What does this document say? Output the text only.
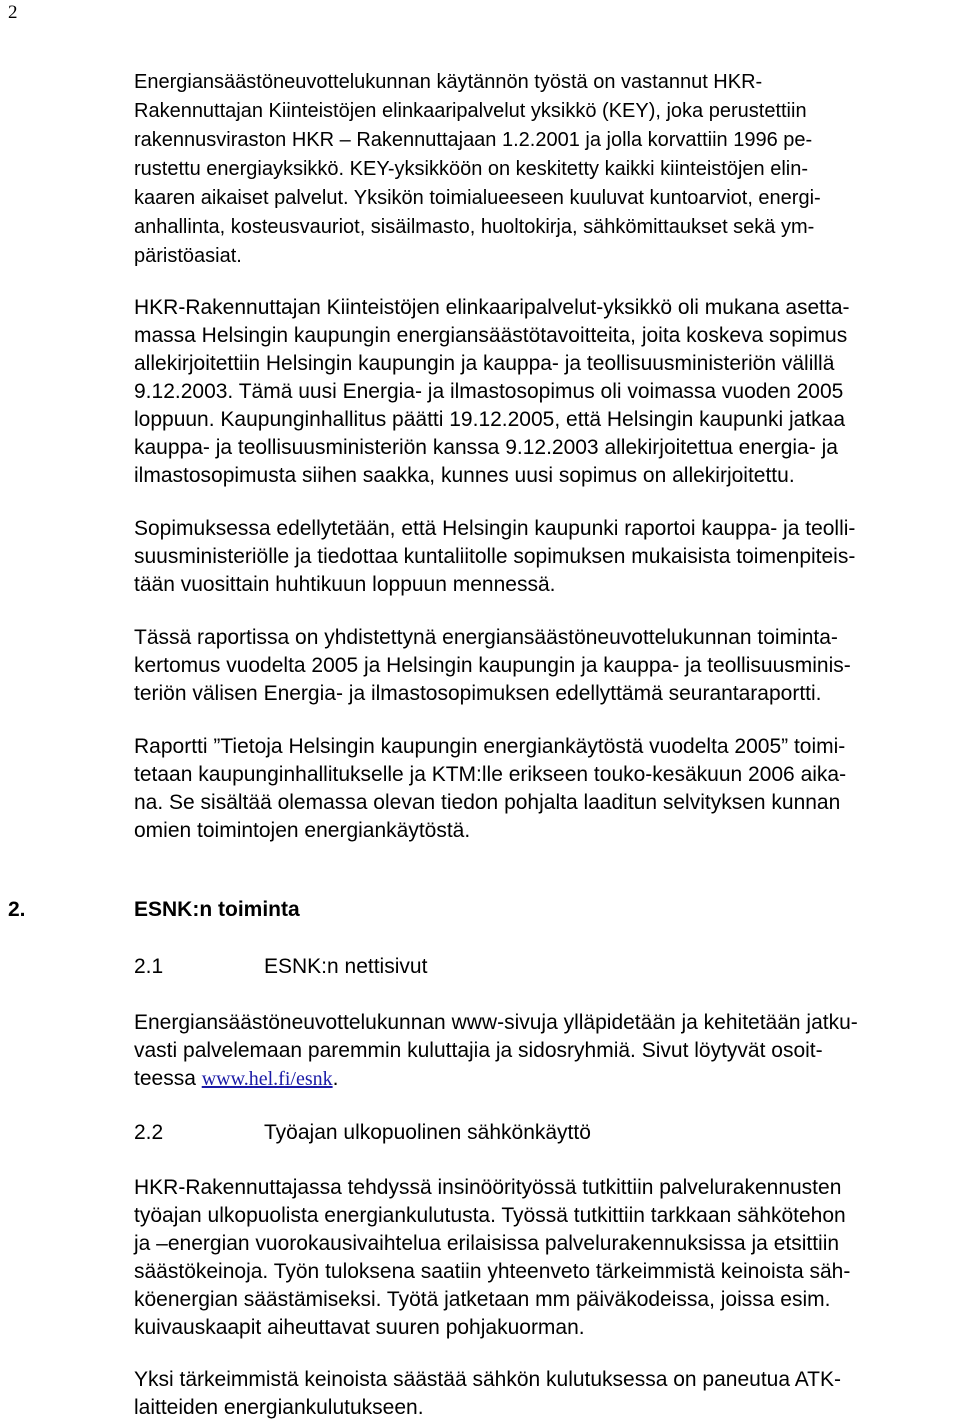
2
Energiansäästöneuvottelukunnan käytännön työstä on vastannut HKR-
Rakennuttajan Kiinteistöjen elinkaaripalvelut yksikkö (KEY), joka perustettiin
rakennusviraston HKR – Rakennuttajaan 1.2.2001 ja jolla korvattiin 1996 pe-
rustettu energiayksikkö. KEY-yksikköön on keskitetty kaikki kiinteistöjen elin-
kaaren aikaiset palvelut. Yksikön toimialueeseen kuuluvat kuntoarviot, energi-
anhallinta, kosteusvauriot, sisäilmasto, huoltokirja, sähkömittaukset sekä ym-
päristöasiat.
HKR-Rakennuttajan Kiinteistöjen elinkaaripalvelut-yksikkö oli mukana asetta-
massa Helsingin kaupungin energiansäästötavoitteita, joita koskeva sopimus
allekirjoitettiin Helsingin kaupungin ja kauppa- ja teollisuusministeriön välillä
9.12.2003. Tämä uusi Energia- ja ilmastosopimus oli voimassa vuoden 2005
loppuun. Kaupunginhallitus päätti 19.12.2005, että Helsingin kaupunki jatkaa
kauppa- ja teollisuusministeriön kanssa 9.12.2003 allekirjoitettua energia- ja
ilmastosopimusta siihen saakka, kunnes uusi sopimus on allekirjoitettu.
Sopimuksessa edellytetään, että Helsingin kaupunki raportoi kauppa- ja teolli-
suusministeriölle ja tiedottaa kuntaliitolle sopimuksen mukaisista toimenpiteis-
tään vuosittain huhtikuun loppuun mennessä.
Tässä raportissa on yhdistettynä energiansäästöneuvottelukunnan toiminta-
kertomus vuodelta 2005 ja Helsingin kaupungin ja kauppa- ja teollisuusminis-
teriön välisen Energia- ja ilmastosopimuksen edellyttämä seurantaraportti.
Raportti ”Tietoja Helsingin kaupungin energiankäytöstä vuodelta 2005” toimi-
tetaan kaupunginhallitukselle ja KTM:lle erikseen touko-kesäkuun 2006 aika-
na. Se sisältää olemassa olevan tiedon pohjalta laaditun selvityksen kunnan
omien toimintojen energiankäytöstä.
2.	ESNK:n toiminta
2.1	ESNK:n nettisivut
Energiansäästöneuvottelukunnan www-sivuja ylläpidetään ja kehitetään jatku-
vasti palvelemaan paremmin kuluttajia ja sidosryhmiä. Sivut löytyvät osoit-
teessa www.hel.fi/esnk.
2.2	Työajan ulkopuolinen sähkönkäyttö
HKR-Rakennuttajassa tehdyssä insinöörityössä tutkittiin palvelurakennusten
työajan ulkopuolista energiankulutusta. Työssä tutkittiin tarkkaan sähkötehon
ja –energian vuorokausivaihtelua erilaisissa palvelurakennuksissa ja etsittiin
säästökeinoja. Työn tuloksena saatiin yhteenveto tärkeimmistä keinoista säh-
köenergian säästämiseksi. Työtä jatketaan mm päiväkodeissa, joissa esim.
kuivauskaapit aiheuttavat suuren pohjakuorman.
Yksi tärkeimmistä keinoista säästää sähkön kulutuksessa on paneutua ATK-
laitteiden energiankulutukseen.
